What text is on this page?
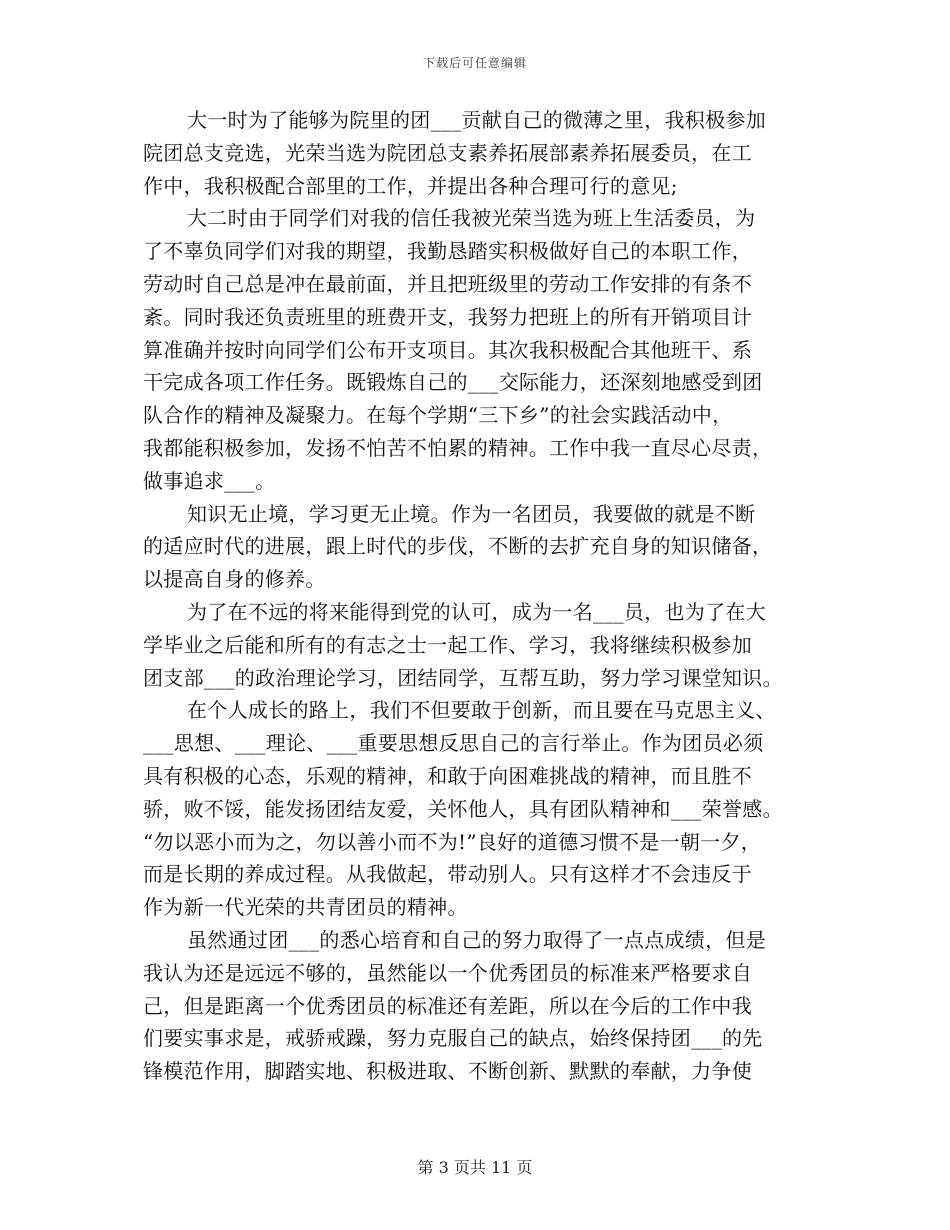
下载后可任意编辑
大一时为了能够为院里的团___贡献自己的微薄之里，我积极参加
院团总支竞选，光荣当选为院团总支素养拓展部素养拓展委员，在工
作中，我积极配合部里的工作，并提出各种合理可行的意见;
大二时由于同学们对我的信任我被光荣当选为班上生活委员，为
了不辜负同学们对我的期望，我勤恳踏实积极做好自己的本职工作，
劳动时自己总是冲在最前面，并且把班级里的劳动工作安排的有条不
紊。同时我还负责班里的班费开支，我努力把班上的所有开销项目计
算准确并按时向同学们公布开支项目。其次我积极配合其他班干、系
干完成各项工作任务。既锻炼自己的___交际能力，还深刻地感受到团
队合作的精神及凝聚力。在每个学期“三下乡”的社会实践活动中，
我都能积极参加，发扬不怕苦不怕累的精神。工作中我一直尽心尽责，
做事追求___。
知识无止境，学习更无止境。作为一名团员，我要做的就是不断
的适应时代的进展，跟上时代的步伐，不断的去扩充自身的知识储备，
以提高自身的修养。
为了在不远的将来能得到党的认可，成为一名___员，也为了在大
学毕业之后能和所有的有志之士一起工作、学习，我将继续积极参加
团支部___的政治理论学习，团结同学，互帮互助，努力学习课堂知识。
在个人成长的路上，我们不但要敢于创新，而且要在马克思主义、
___思想、___理论、___重要思想反思自己的言行举止。作为团员必须
具有积极的心态，乐观的精神，和敢于向困难挑战的精神，而且胜不
骄，败不馁，能发扬团结友爱，关怀他人，具有团队精神和___荣誉感。
“勿以恶小而为之，勿以善小而不为!”良好的道德习惯不是一朝一夕，
而是长期的养成过程。从我做起，带动别人。只有这样才不会违反于
作为新一代光荣的共青团员的精神。
虽然通过团___的悉心培育和自己的努力取得了一点点成绩，但是
我认为还是远远不够的，虽然能以一个优秀团员的标准来严格要求自
己，但是距离一个优秀团员的标准还有差距，所以在今后的工作中我
们要实事求是，戒骄戒躁，努力克服自己的缺点，始终保持团___的先
锋模范作用，脚踏实地、积极进取、不断创新、默默的奉献，力争使
第 3 页共 11 页
